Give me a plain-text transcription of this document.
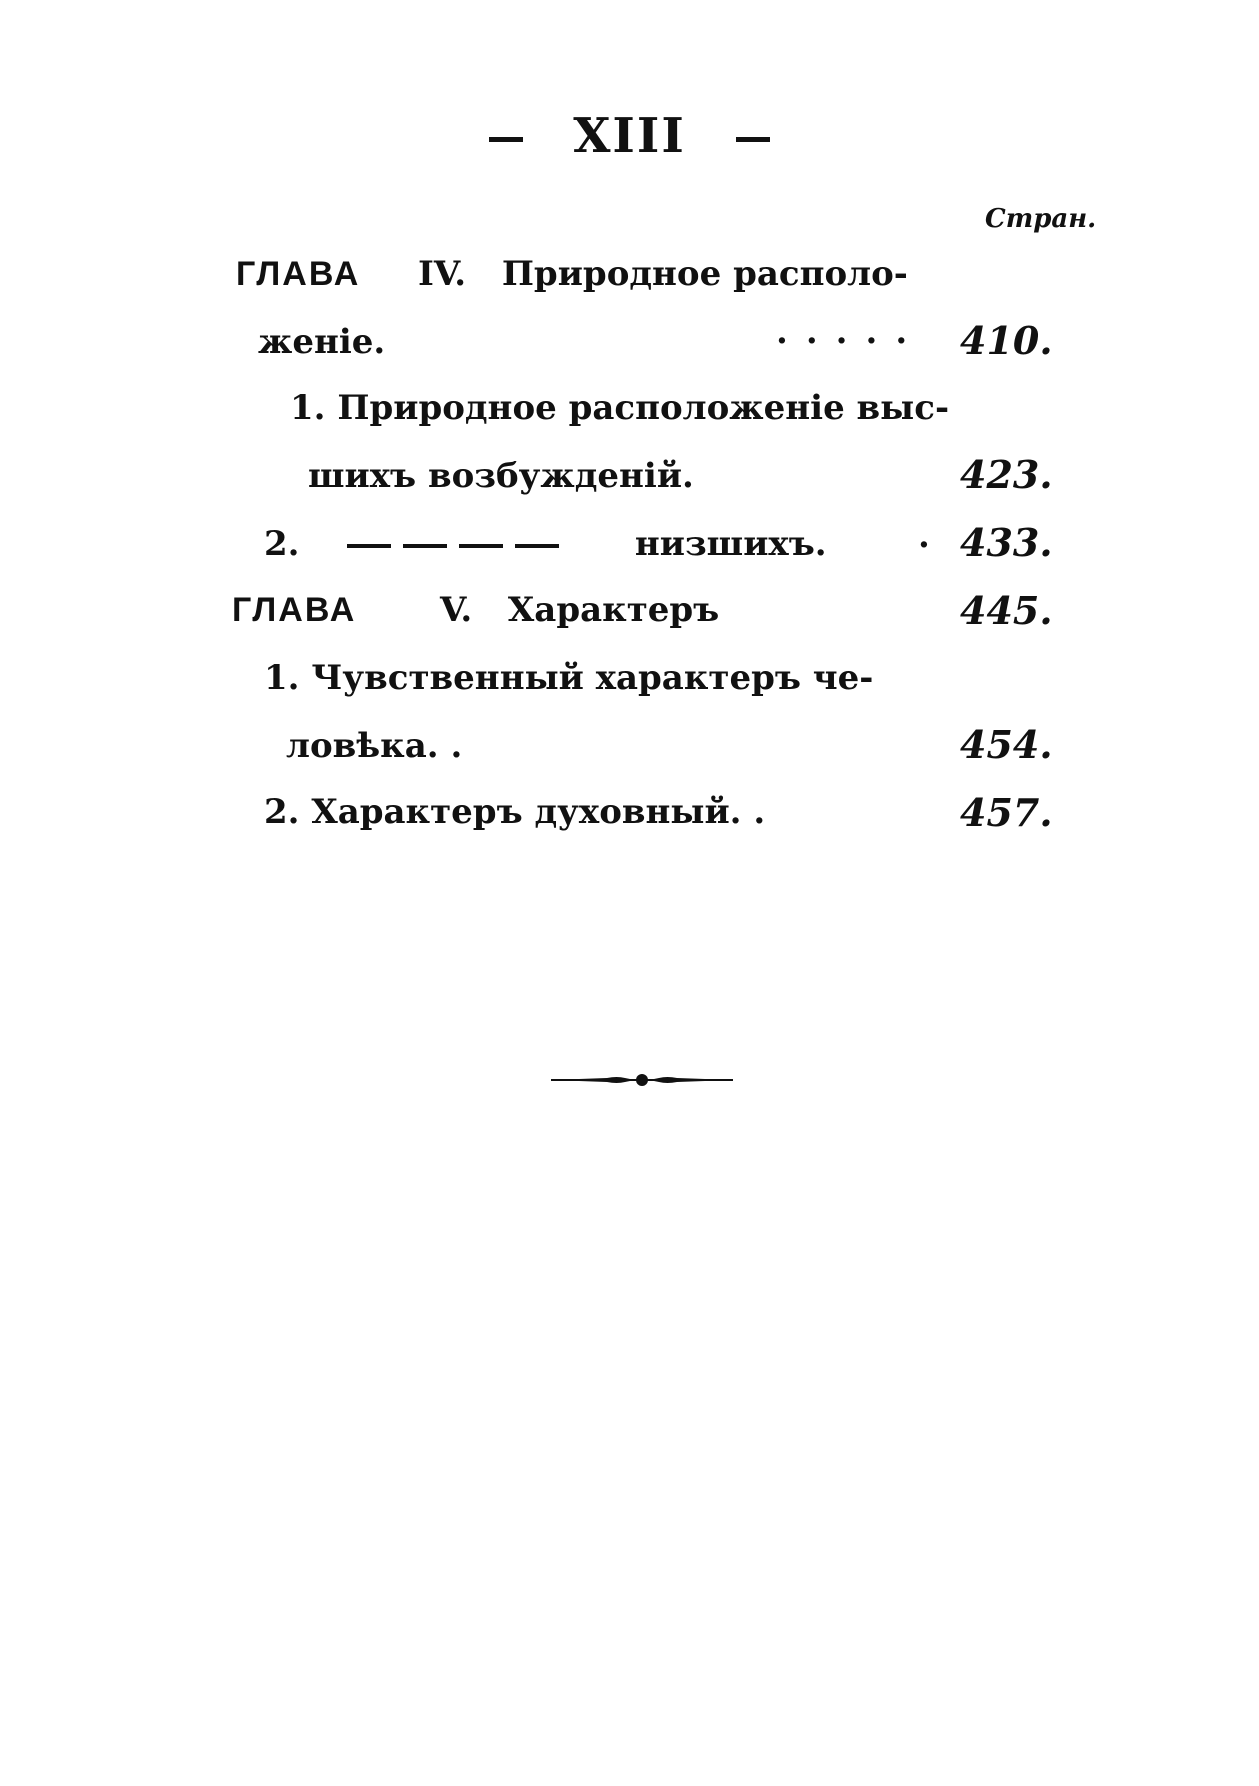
XIII
Стран.
ГЛАВА IV. Природное располо-
женіе.	..... 410.
1. Природное расположеніе выс-
шихъ возбужденій.	423.
2.	низшихъ.	. 433.
ГЛАВА V. Характеръ	445.
1. Чувственный характеръ че-
ловѣка. .	454.
2. Характеръ духовный. .	457.
